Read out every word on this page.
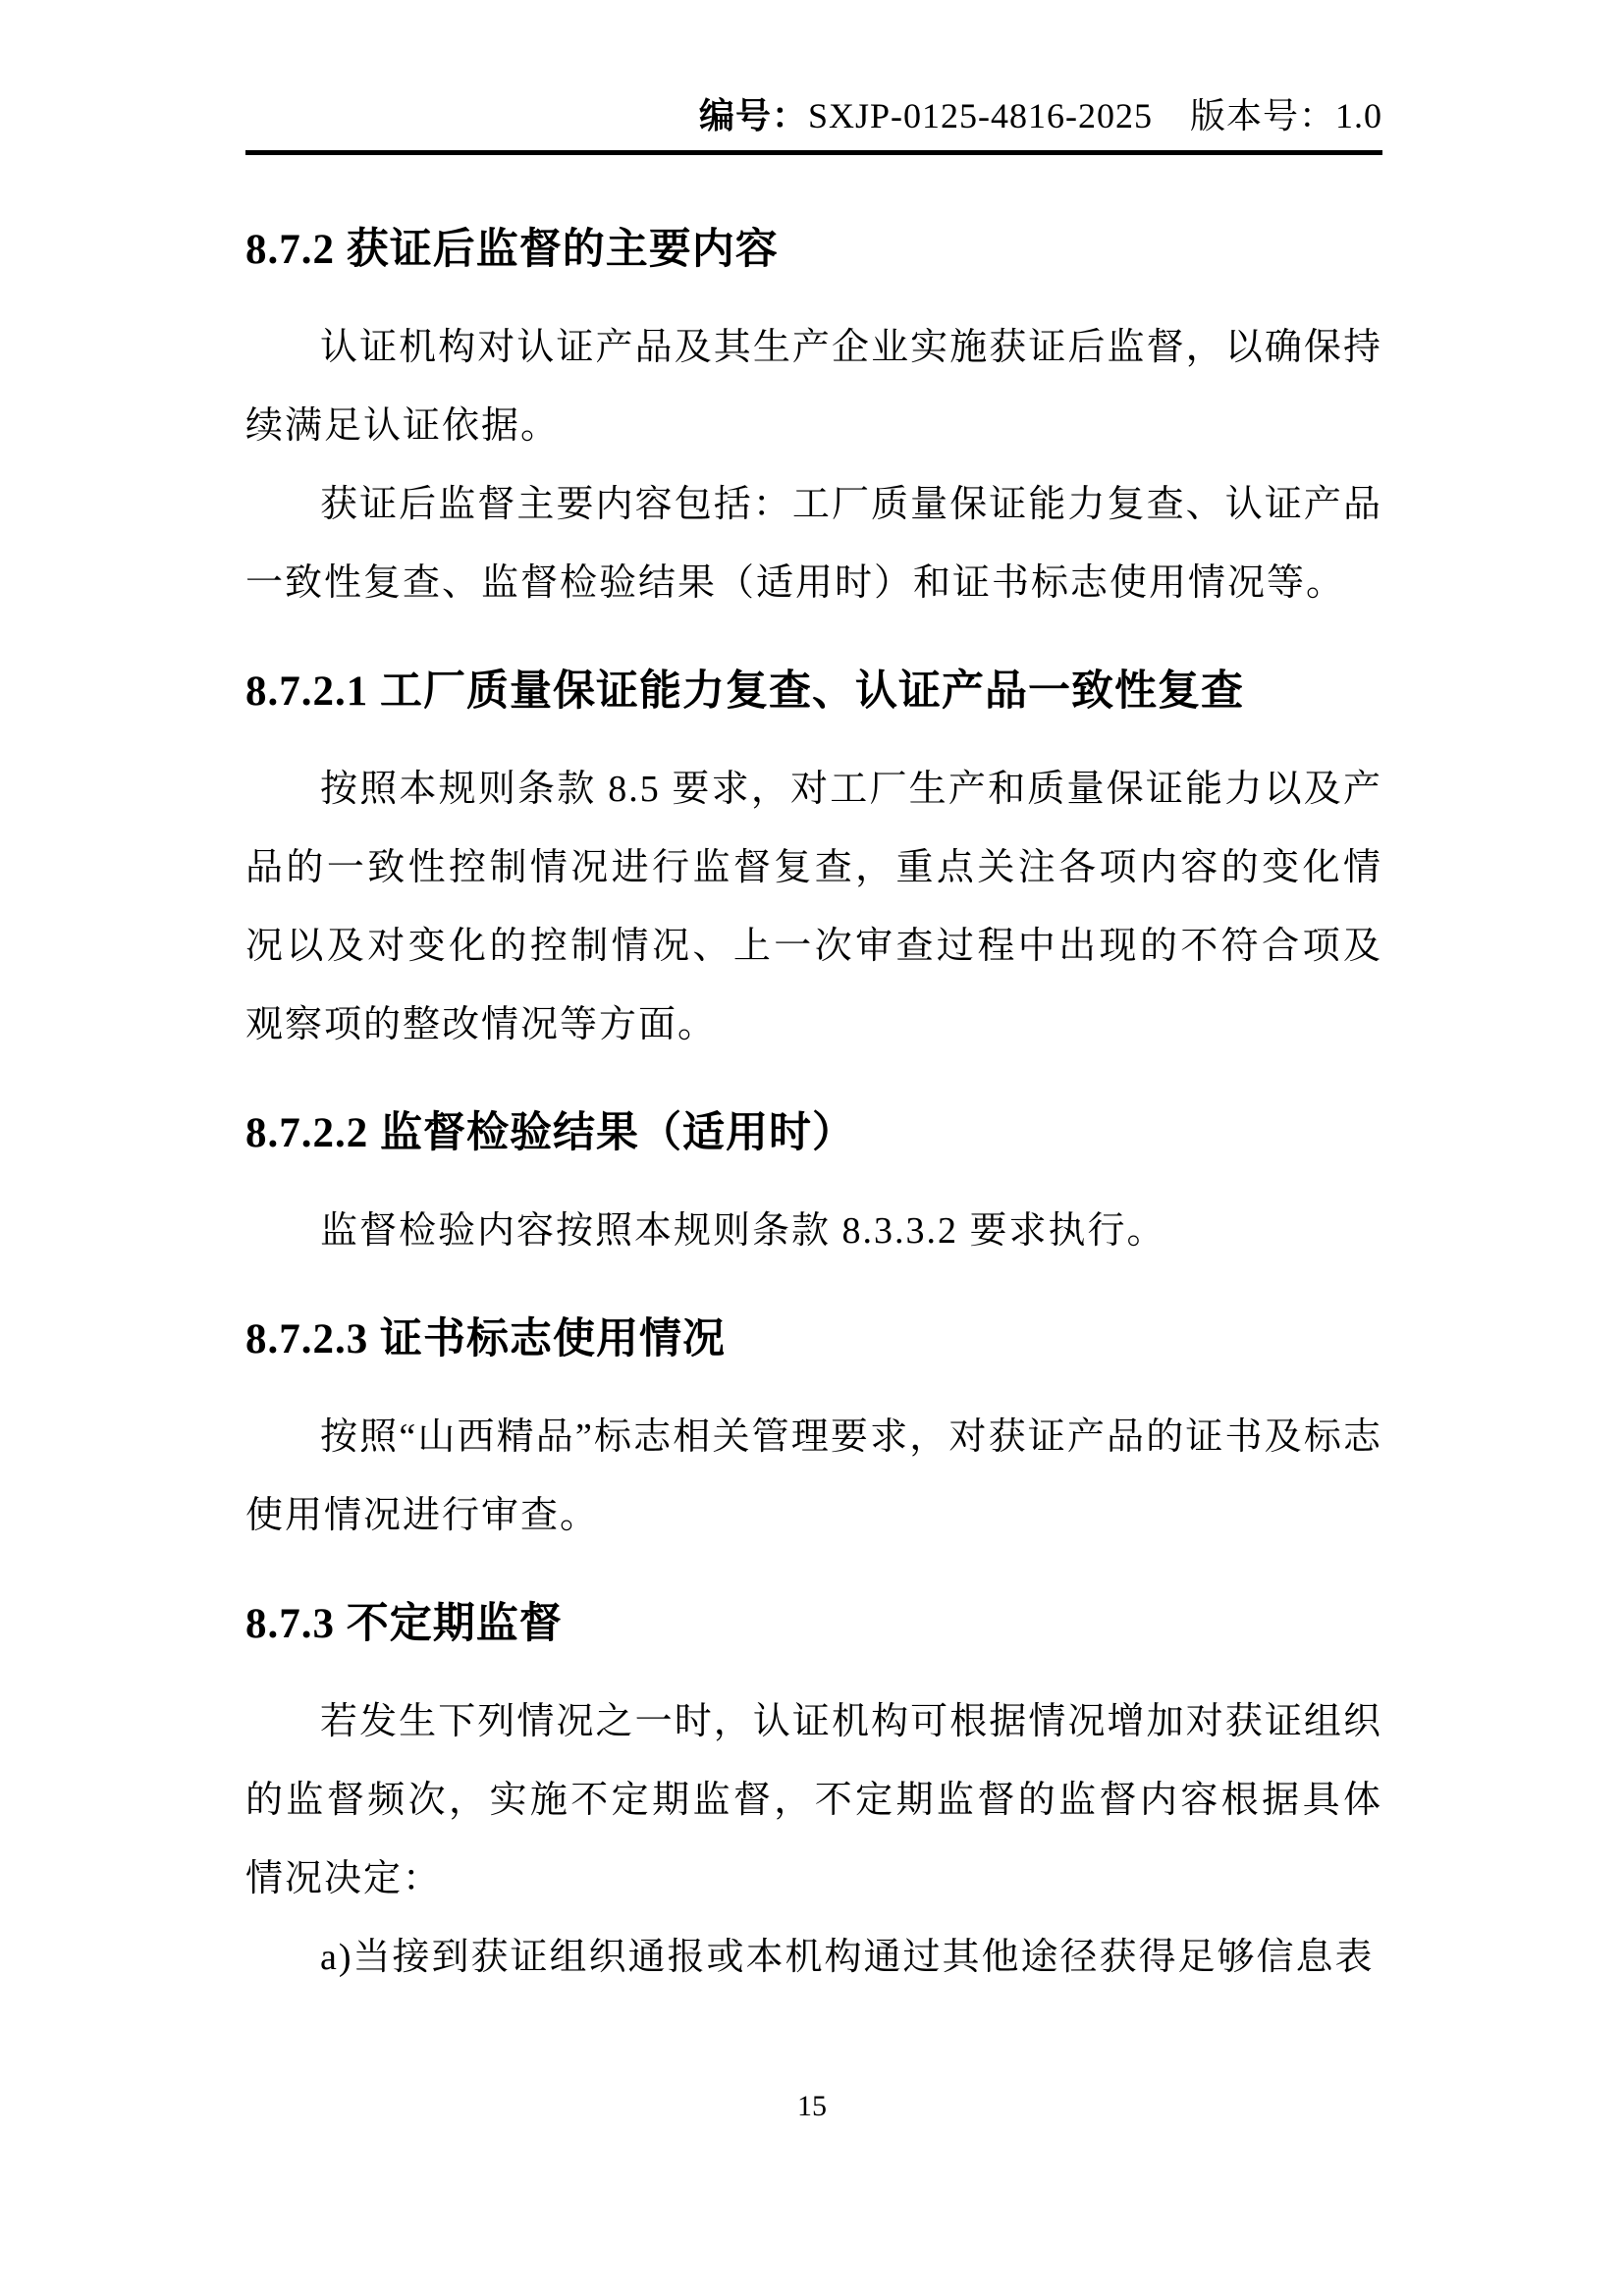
编号：SXJP-0125-4816-2025 版本号：1.0
8.7.2 获证后监督的主要内容

认证机构对认证产品及其生产企业实施获证后监督，以确保持续满足认证依据。

获证后监督主要内容包括：工厂质量保证能力复查、认证产品一致性复查、监督检验结果（适用时）和证书标志使用情况等。

8.7.2.1 工厂质量保证能力复查、认证产品一致性复查

按照本规则条款 8.5 要求，对工厂生产和质量保证能力以及产品的一致性控制情况进行监督复查，重点关注各项内容的变化情况以及对变化的控制情况、上一次审查过程中出现的不符合项及观察项的整改情况等方面。

8.7.2.2 监督检验结果（适用时）

监督检验内容按照本规则条款 8.3.3.2 要求执行。

8.7.2.3 证书标志使用情况

按照“山西精品”标志相关管理要求，对获证产品的证书及标志使用情况进行审查。

8.7.3 不定期监督

若发生下列情况之一时，认证机构可根据情况增加对获证组织的监督频次，实施不定期监督，不定期监督的监督内容根据具体情况决定：

a)当接到获证组织通报或本机构通过其他途径获得足够信息表

15
